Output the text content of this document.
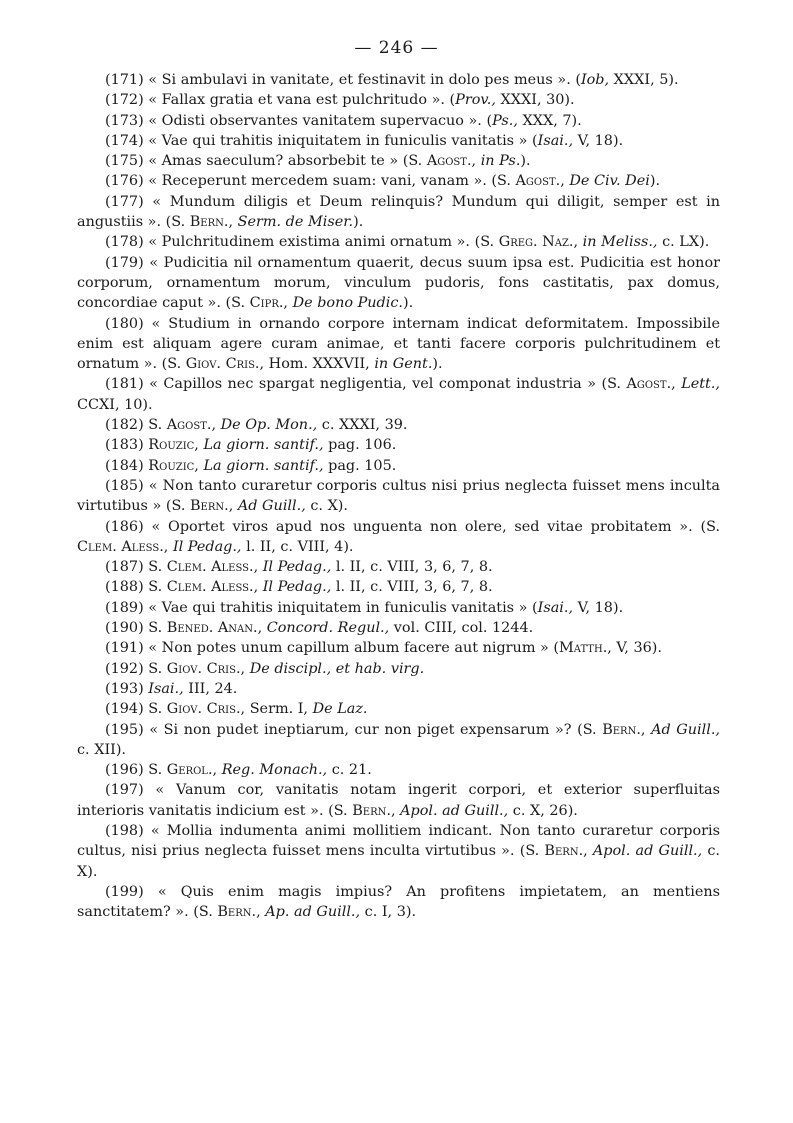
— 246 —

(171) « Si ambulavi in vanitate, et festinavit in dolo pes meus ». (Iob, XXXI, 5).

(172) « Fallax gratia et vana est pulchritudo ». (Prov., XXXI, 30).

(173) « Odisti observantes vanitatem supervacuo ». (Ps., XXX, 7).

(174) « Vae qui trahitis iniquitatem in funiculis vanitatis » (Isai., V, 18).

(175) « Amas saeculum? absorbebit te » (S. Agost., in Ps.).

(176) « Receperunt mercedem suam: vani, vanam ». (S. Agost., De Civ. Dei).

(177) « Mundum diligis et Deum relinquis? Mundum qui diligit, semper est in angustiis ». (S. Bern., Serm. de Miser.).

(178) « Pulchritudinem existima animi ornatum ». (S. Greg. Naz., in Meliss., c. LX).

(179) « Pudicitia nil ornamentum quaerit, decus suum ipsa est. Pudicitia est honor corporum, ornamentum morum, vinculum pudoris, fons castitatis, pax domus, concordiae caput ». (S. Cipr., De bono Pudic.).

(180) « Studium in ornando corpore internam indicat deformitatem. Impossibile enim est aliquam agere curam animae, et tanti facere corporis pulchritudinem et ornatum ». (S. Giov. Cris., Hom. XXXVII, in Gent.).

(181) « Capillos nec spargat negligentia, vel componat industria » (S. Agost., Lett., CCXI, 10).

(182) S. Agost., De Op. Mon., c. XXXI, 39.

(183) Rouzic, La giorn. santif., pag. 106.

(184) Rouzic, La giorn. santif., pag. 105.

(185) « Non tanto curaretur corporis cultus nisi prius neglecta fuisset mens inculta virtutibus » (S. Bern., Ad Guill., c. X).

(186) « Oportet viros apud nos unguenta non olere, sed vitae probitatem ». (S. Clem. Aless., Il Pedag., l. II, c. VIII, 4).

(187) S. Clem. Aless., Il Pedag., l. II, c. VIII, 3, 6, 7, 8.

(188) S. Clem. Aless., Il Pedag., l. II, c. VIII, 3, 6, 7, 8.

(189) « Vae qui trahitis iniquitatem in funiculis vanitatis » (Isai., V, 18).

(190) S. Bened. Anan., Concord. Regul., vol. CIII, col. 1244.

(191) « Non potes unum capillum album facere aut nigrum » (Matth., V, 36).

(192) S. Giov. Cris., De discipl., et hab. virg.

(193) Isai., III, 24.

(194) S. Giov. Cris., Serm. I, De Laz.

(195) « Si non pudet ineptiarum, cur non piget expensarum »? (S. Bern., Ad Guill., c. XII).

(196) S. Gerol., Reg. Monach., c. 21.

(197) « Vanum cor, vanitatis notam ingerit corpori, et exterior superfluitas interioris vanitatis indicium est ». (S. Bern., Apol. ad Guill., c. X, 26).

(198) « Mollia indumenta animi mollitiem indicant. Non tanto curaretur corporis cultus, nisi prius neglecta fuisset mens inculta virtutibus ». (S. Bern., Apol. ad Guill., c. X).

(199) « Quis enim magis impius? An profitens impietatem, an mentiens sanctitatem? ». (S. Bern., Ap. ad Guill., c. I, 3).
